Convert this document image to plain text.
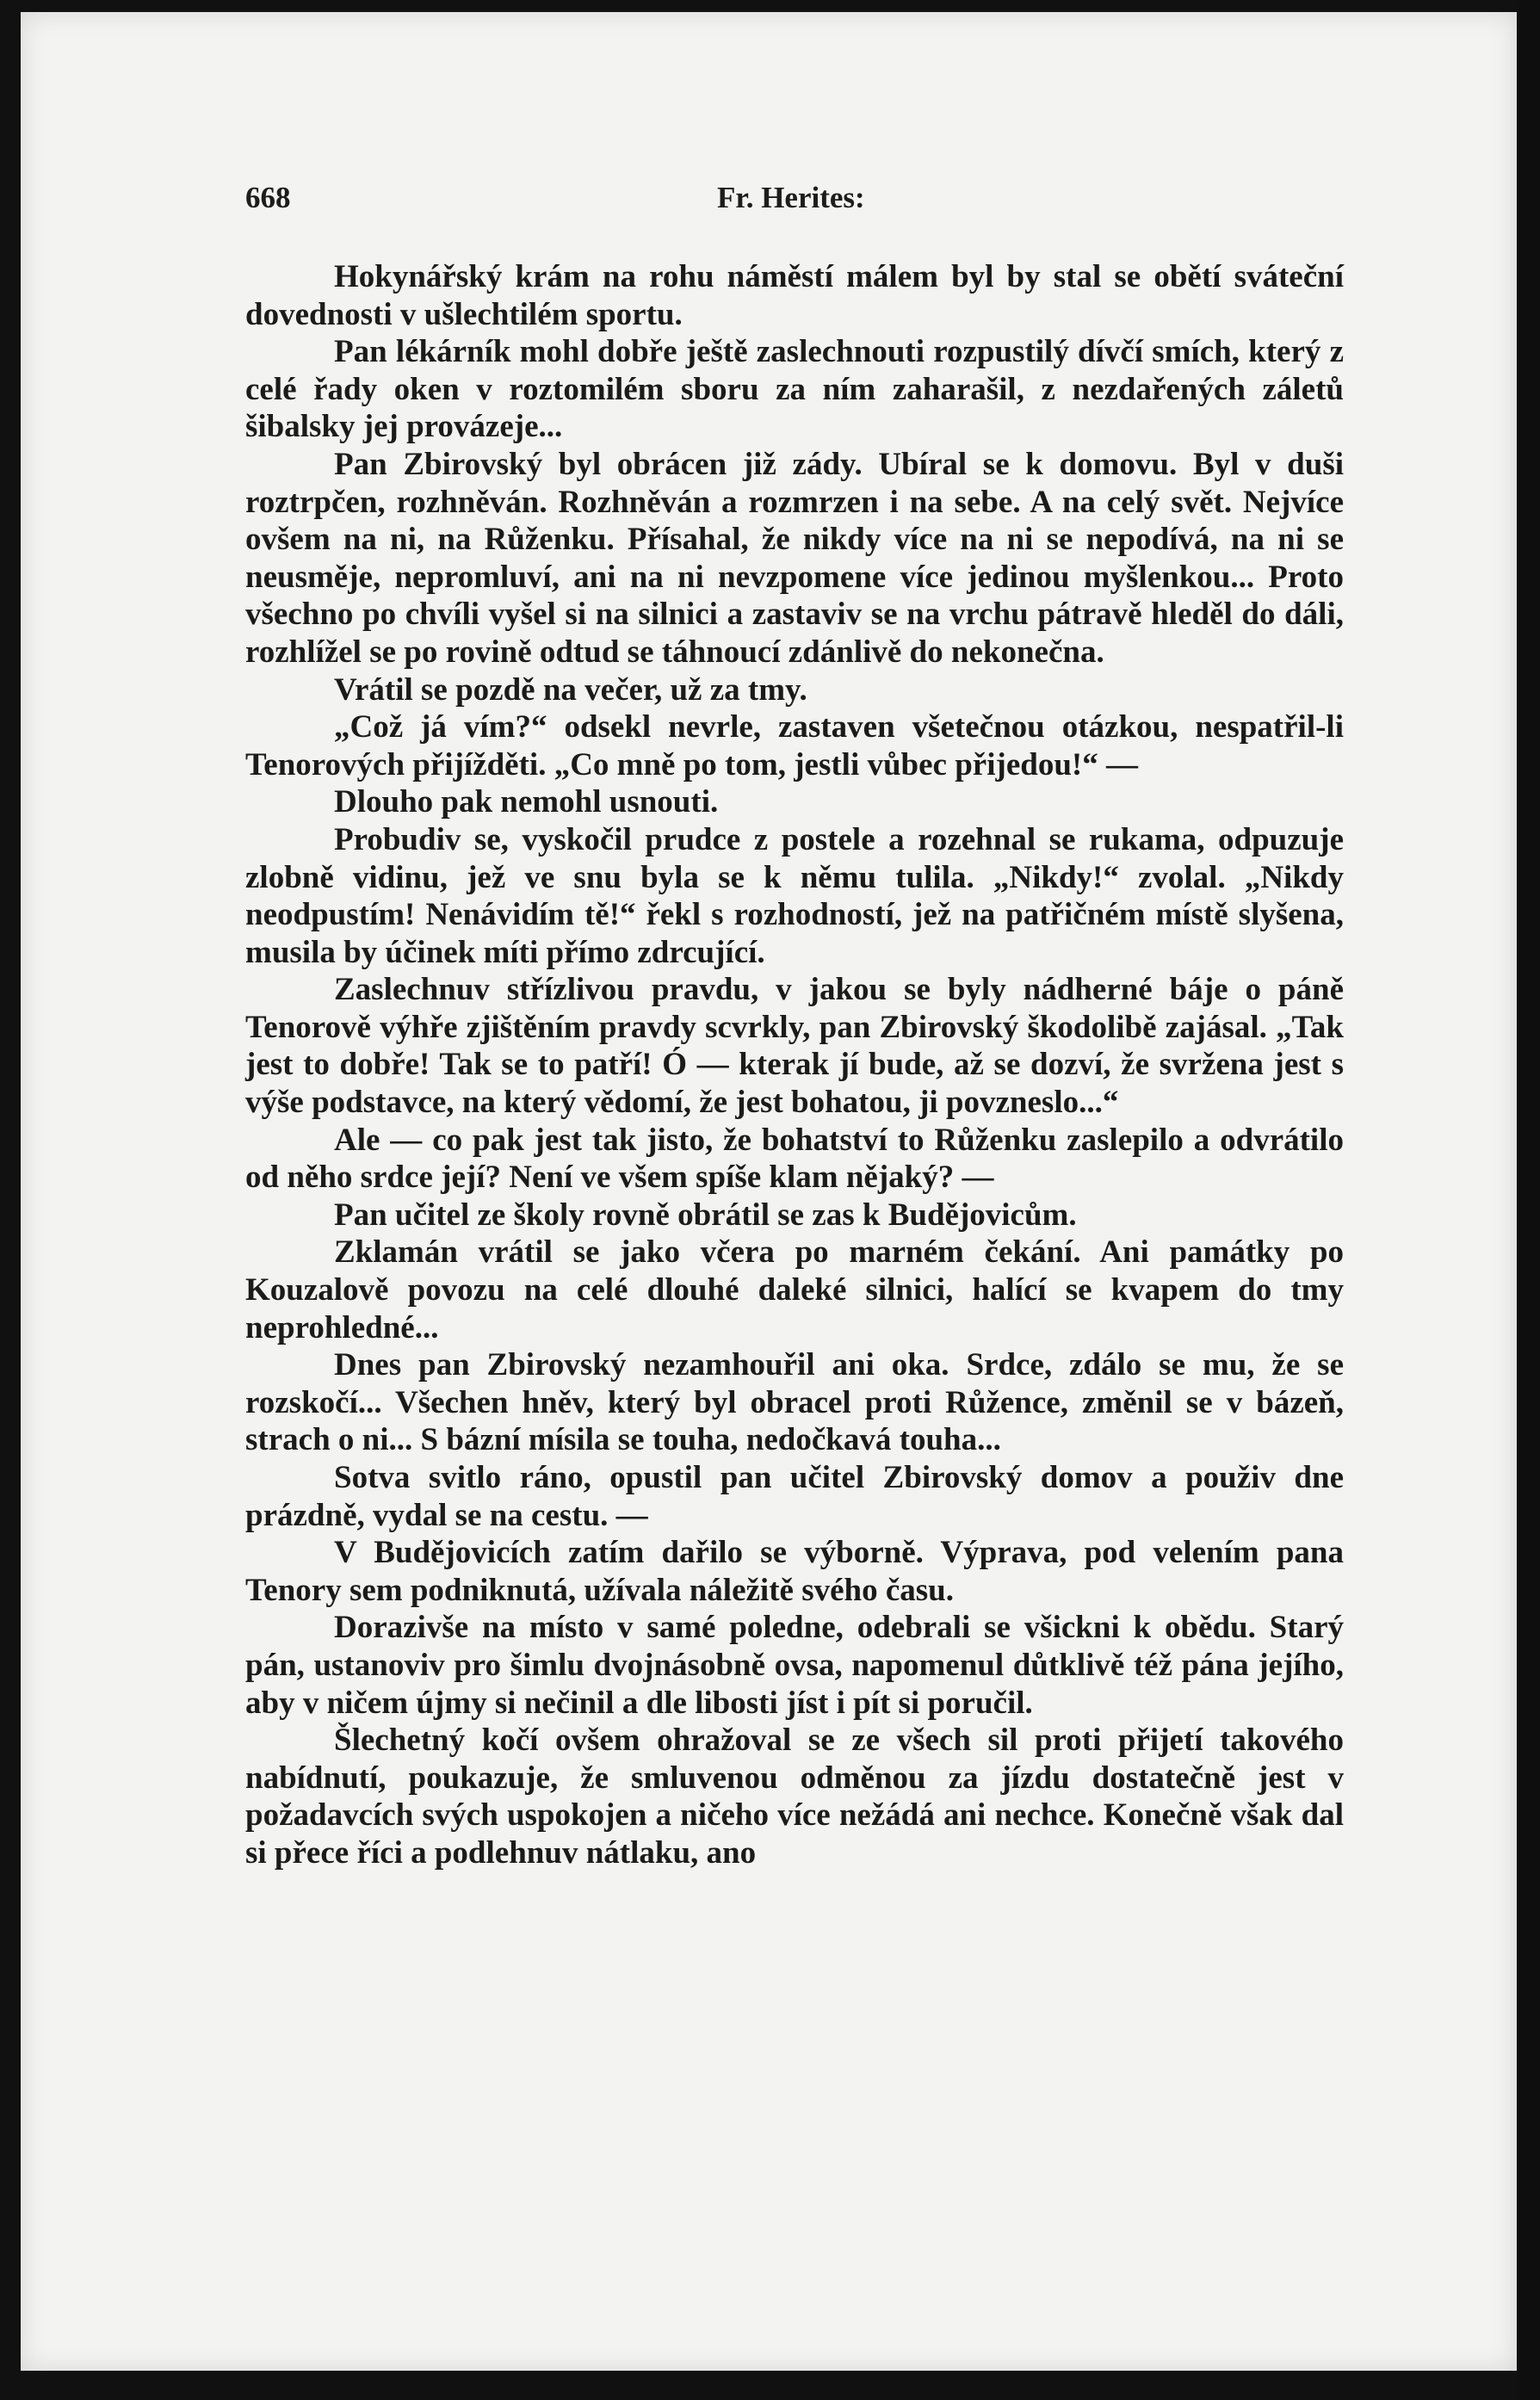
668	Fr. Herites:

Hokynářský krám na rohu náměstí málem byl by stal se obětí sváteční dovednosti v ušlechtilém sportu.

Pan lékárník mohl dobře ještě zaslechnouti rozpustilý dívčí smích, který z celé řady oken v roztomilém sboru za ním zaharašil, z nezdařených záletů šibalsky jej provázeje...

Pan Zbirovský byl obrácen již zády. Ubíral se k domovu. Byl v duši roztrpčen, rozhněván. Rozhněván a rozmrzen i na sebe. A na celý svět. Nejvíce ovšem na ni, na Růženku. Přísahal, že nikdy více na ni se nepodívá, na ni se neusměje, nepromluví, ani na ni nevzpomene více jedinou myšlenkou... Proto všechno po chvíli vyšel si na silnici a zastaviv se na vrchu pátravě hleděl do dáli, rozhlížel se po rovině odtud se táhnoucí zdánlivě do nekonečna.

Vrátil se pozdě na večer, už za tmy.

„Což já vím?“ odsekl nevrle, zastaven všetečnou otázkou, nespatřil-li Tenorových přijížděti. „Co mně po tom, jestli vůbec přijedou!“ —

Dlouho pak nemohl usnouti.

Probudiv se, vyskočil prudce z postele a rozehnal se rukama, odpuzuje zlobně vidinu, jež ve snu byla se k němu tulila. „Nikdy!“ zvolal. „Nikdy neodpustím! Nenávidím tě!“ řekl s rozhodností, jež na patřičném místě slyšena, musila by účinek míti přímo zdrcující.

Zaslechnuv střízlivou pravdu, v jakou se byly nádherné báje o páně Tenorově výhře zjištěním pravdy scvrkly, pan Zbirovský škodolibě zajásal. „Tak jest to dobře! Tak se to patří! Ó — kterak jí bude, až se dozví, že svržena jest s výše podstavce, na který vědomí, že jest bohatou, ji povzneslo...“

Ale — co pak jest tak jisto, že bohatství to Růženku zaslepilo a odvrátilo od něho srdce její? Není ve všem spíše klam nějaký? —

Pan učitel ze školy rovně obrátil se zas k Budějovicům.

Zklamán vrátil se jako včera po marném čekání. Ani památky po Kouzalově povozu na celé dlouhé daleké silnici, halící se kvapem do tmy neprohledné...

Dnes pan Zbirovský nezamhouřil ani oka. Srdce, zdálo se mu, že se rozskočí... Všechen hněv, který byl obracel proti Růžence, změnil se v bázeň, strach o ni... S bázní mísila se touha, nedočkavá touha...

Sotva svitlo ráno, opustil pan učitel Zbirovský domov a použiv dne prázdně, vydal se na cestu. —

V Budějovicích zatím dařilo se výborně. Výprava, pod velením pana Tenory sem podniknutá, užívala náležitě svého času.

Dorazivše na místo v samé poledne, odebrali se všickni k obědu. Starý pán, ustanoviv pro šimlu dvojnásobně ovsa, napomenul důtklivě též pána jejího, aby v ničem újmy si nečinil a dle libosti jíst i pít si poručil.

Šlechetný kočí ovšem ohražoval se ze všech sil proti přijetí takového nabídnutí, poukazuje, že smluvenou odměnou za jízdu dostatečně jest v požadavcích svých uspokojen a ničeho více nežádá ani nechce. Konečně však dal si přece říci a podlehnuv nátlaku, ano
